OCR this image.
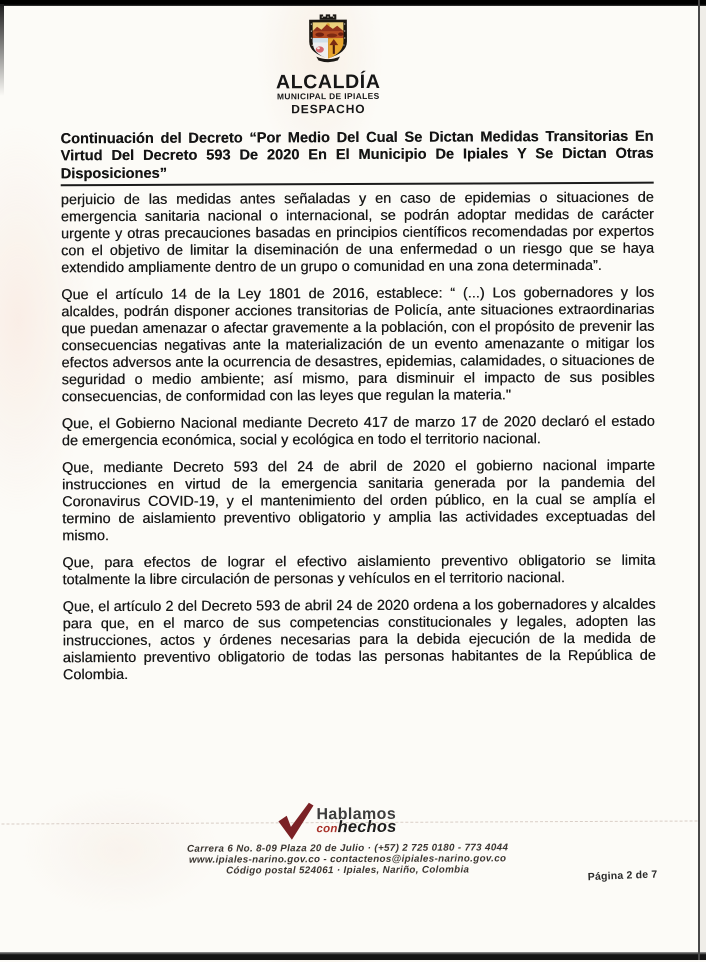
ALCALDÍA
MUNICIPAL DE IPIALES
DESPACHO
Continuación del Decreto “Por Medio Del Cual Se Dictan Medidas Transitorias En Virtud Del Decreto 593 De 2020 En El Municipio De Ipiales Y Se Dictan Otras Disposiciones”

perjuicio de las medidas antes señaladas y en caso de epidemias o situaciones de emergencia sanitaria nacional o internacional, se podrán adoptar medidas de carácter urgente y otras precauciones basadas en principios científicos recomendadas por expertos con el objetivo de limitar la diseminación de una enfermedad o un riesgo que se haya extendido ampliamente dentro de un grupo o comunidad en una zona determinada”.

Que el artículo 14 de la Ley 1801 de 2016, establece: “ (...) Los gobernadores y los alcaldes, podrán disponer acciones transitorias de Policía, ante situaciones extraordinarias que puedan amenazar o afectar gravemente a la población, con el propósito de prevenir las consecuencias negativas ante la materialización de un evento amenazante o mitigar los efectos adversos ante la ocurrencia de desastres, epidemias, calamidades, o situaciones de seguridad o medio ambiente; así mismo, para disminuir el impacto de sus posibles consecuencias, de conformidad con las leyes que regulan la materia."

Que, el Gobierno Nacional mediante Decreto 417 de marzo 17 de 2020 declaró el estado de emergencia económica, social y ecológica en todo el territorio nacional.

Que, mediante Decreto 593 del 24 de abril de 2020 el gobierno nacional imparte instrucciones en virtud de la emergencia sanitaria generada por la pandemia del Coronavirus COVID-19, y el mantenimiento del orden público, en la cual se amplía el termino de aislamiento preventivo obligatorio y amplia las actividades exceptuadas del mismo.

Que, para efectos de lograr el efectivo aislamiento preventivo obligatorio se limita totalmente la libre circulación de personas y vehículos en el territorio nacional.

Que, el artículo 2 del Decreto 593 de abril 24 de 2020 ordena a los gobernadores y alcaldes para que, en el marco de sus competencias constitucionales y legales, adopten las instrucciones, actos y órdenes necesarias para la debida ejecución de la medida de aislamiento preventivo obligatorio de todas las personas habitantes de la República de Colombia.

Hablamos
conhechos
Carrera 6 No. 8-09 Plaza 20 de Julio · (+57) 2 725 0180 - 773 4044
www.ipiales-narino.gov.co - contactenos@ipiales-narino.gov.co
Código postal 524061 · Ipiales, Nariño, Colombia	Página 2 de 7
